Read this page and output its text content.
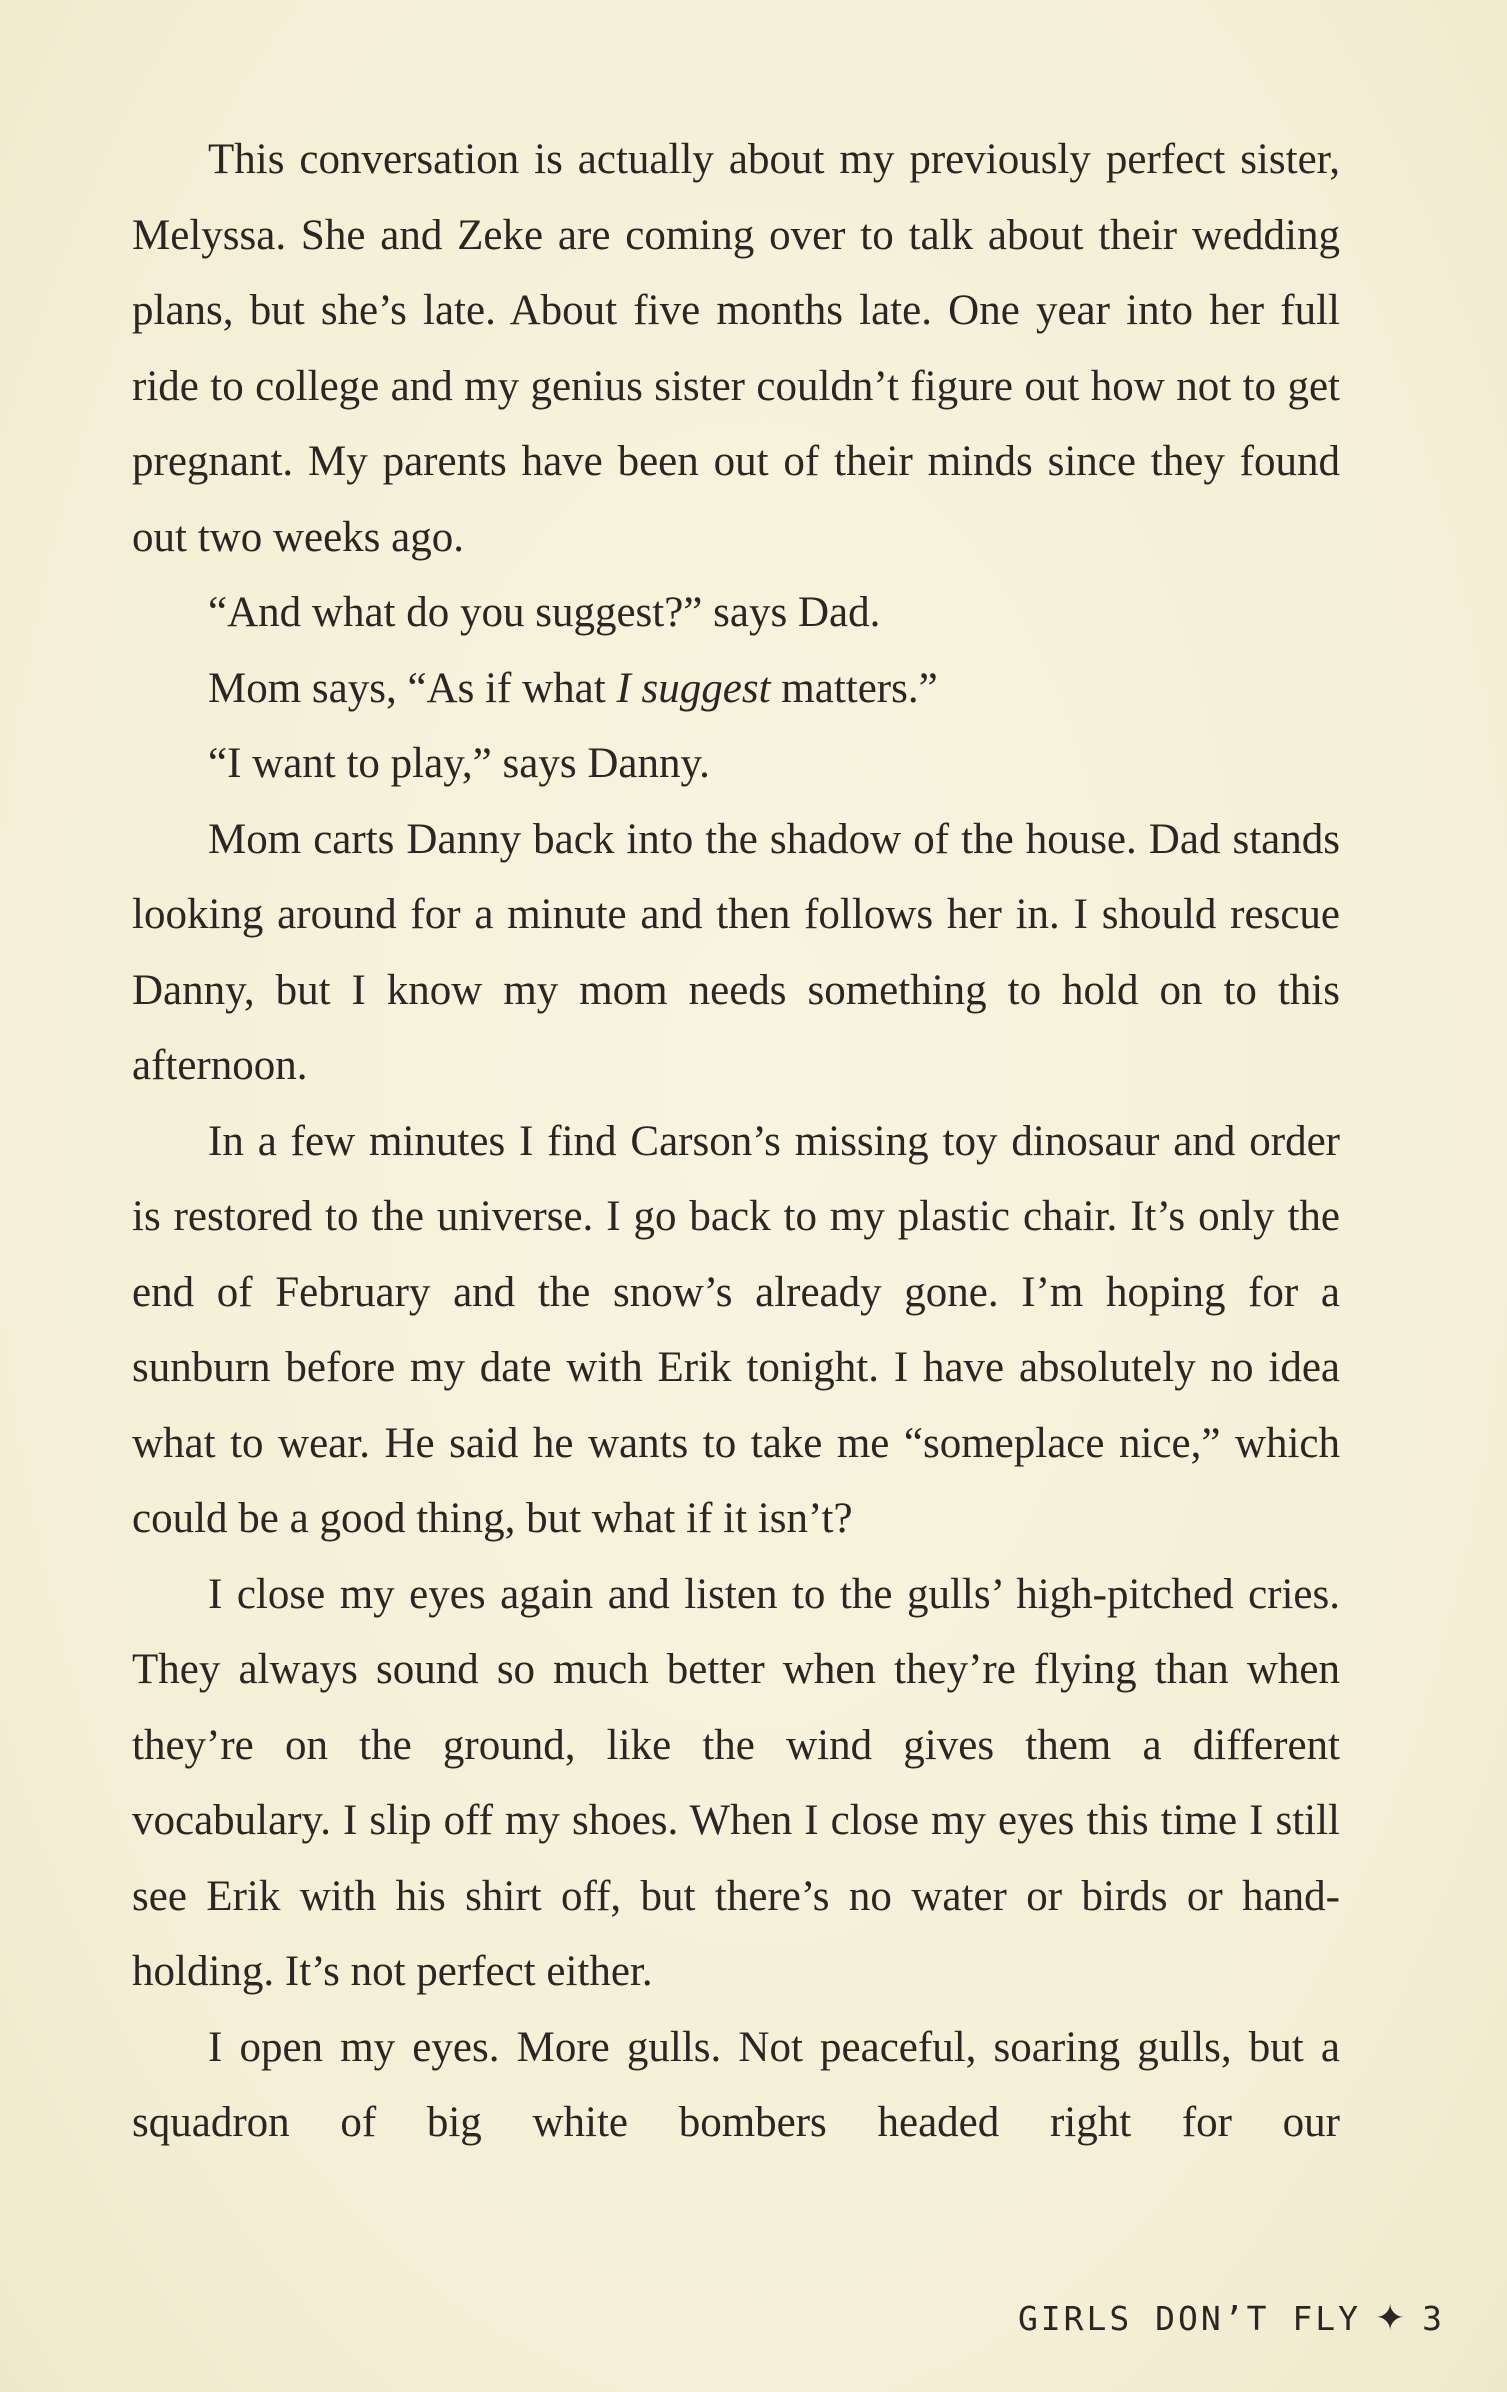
This conversation is actually about my previously perfect sister, Melyssa. She and Zeke are coming over to talk about their wedding plans, but she’s late. About five months late. One year into her full ride to college and my genius sister couldn’t figure out how not to get pregnant. My parents have been out of their minds since they found out two weeks ago.

“And what do you suggest?” says Dad.

Mom says, “As if what I suggest matters.”

“I want to play,” says Danny.

Mom carts Danny back into the shadow of the house. Dad stands looking around for a minute and then follows her in. I should rescue Danny, but I know my mom needs something to hold on to this afternoon.

In a few minutes I find Carson’s missing toy dinosaur and order is restored to the universe. I go back to my plastic chair. It’s only the end of February and the snow’s already gone. I’m hoping for a sunburn before my date with Erik tonight. I have absolutely no idea what to wear. He said he wants to take me “someplace nice,” which could be a good thing, but what if it isn’t?

I close my eyes again and listen to the gulls’ high-pitched cries. They always sound so much better when they’re flying than when they’re on the ground, like the wind gives them a different vocabulary. I slip off my shoes. When I close my eyes this time I still see Erik with his shirt off, but there’s no water or birds or hand-holding. It’s not perfect either.

I open my eyes. More gulls. Not peaceful, soaring gulls, but a squadron of big white bombers headed right for our

GIRLS DON’T FLY ✦ 3
